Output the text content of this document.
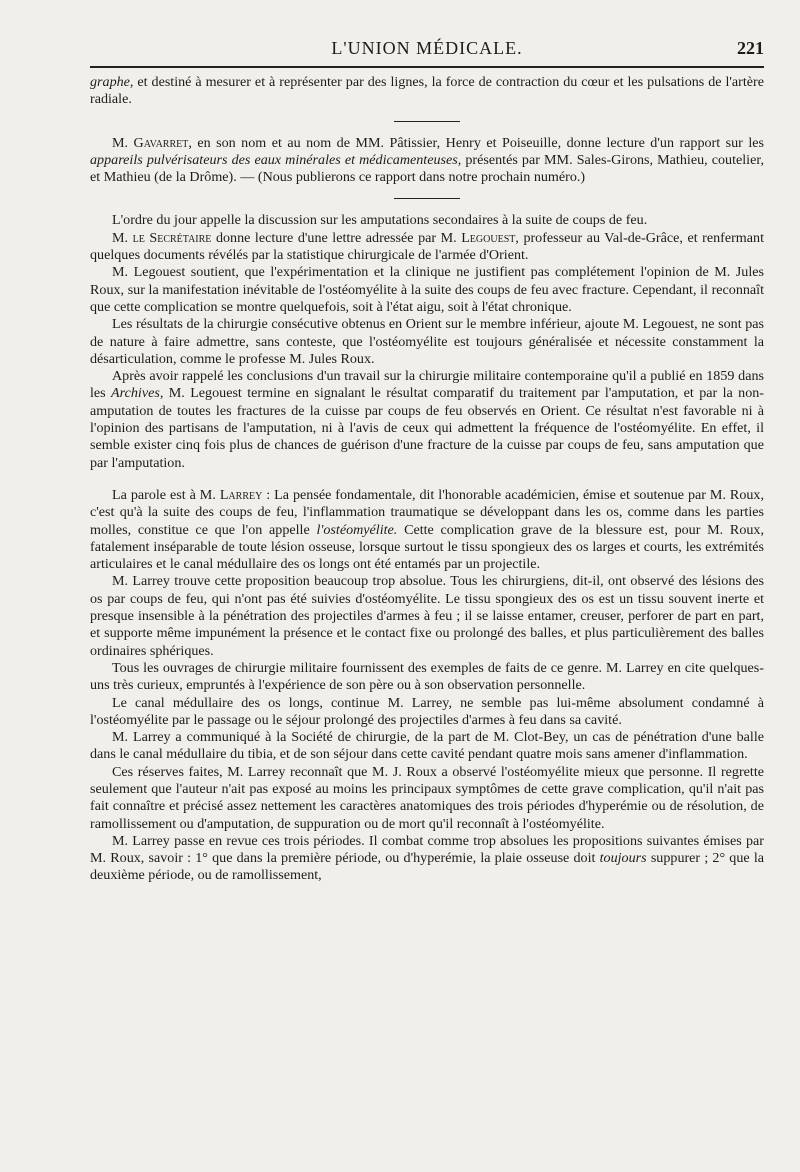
L'UNION MÉDICALE.	221

graphe, et destiné à mesurer et à représenter par des lignes, la force de contraction du cœur et les pulsations de l'artère radiale.

M. Gavarret, en son nom et au nom de MM. Pâtissier, Henry et Poiseuille, donne lecture d'un rapport sur les appareils pulvérisateurs des eaux minérales et médicamenteuses, présentés par MM. Sales-Girons, Mathieu, coutelier, et Mathieu (de la Drôme). — (Nous publierons ce rapport dans notre prochain numéro.)

L'ordre du jour appelle la discussion sur les amputations secondaires à la suite de coups de feu.

M. le Secrétaire donne lecture d'une lettre adressée par M. Legouest, professeur au Val-de-Grâce, et renfermant quelques documents révélés par la statistique chirurgicale de l'armée d'Orient.

M. Legouest soutient, que l'expérimentation et la clinique ne justifient pas complétement l'opinion de M. Jules Roux, sur la manifestation inévitable de l'ostéomyélite à la suite des coups de feu avec fracture. Cependant, il reconnaît que cette complication se montre quelquefois, soit à l'état aigu, soit à l'état chronique.

Les résultats de la chirurgie consécutive obtenus en Orient sur le membre inférieur, ajoute M. Legouest, ne sont pas de nature à faire admettre, sans conteste, que l'ostéomyélite est toujours généralisée et nécessite constamment la désarticulation, comme le professe M. Jules Roux.

Après avoir rappelé les conclusions d'un travail sur la chirurgie militaire contemporaine qu'il a publié en 1859 dans les Archives, M. Legouest termine en signalant le résultat comparatif du traitement par l'amputation, et par la non-amputation de toutes les fractures de la cuisse par coups de feu observés en Orient. Ce résultat n'est favorable ni à l'opinion des partisans de l'amputation, ni à l'avis de ceux qui admettent la fréquence de l'ostéomyélite. En effet, il semble exister cinq fois plus de chances de guérison d'une fracture de la cuisse par coups de feu, sans amputation que par l'amputation.

La parole est à M. Larrey : La pensée fondamentale, dit l'honorable académicien, émise et soutenue par M. Roux, c'est qu'à la suite des coups de feu, l'inflammation traumatique se développant dans les os, comme dans les parties molles, constitue ce que l'on appelle l'ostéomyélite. Cette complication grave de la blessure est, pour M. Roux, fatalement inséparable de toute lésion osseuse, lorsque surtout le tissu spongieux des os larges et courts, les extrémités articulaires et le canal médullaire des os longs ont été entamés par un projectile.

M. Larrey trouve cette proposition beaucoup trop absolue. Tous les chirurgiens, dit-il, ont observé des lésions des os par coups de feu, qui n'ont pas été suivies d'ostéomyélite. Le tissu spongieux des os est un tissu souvent inerte et presque insensible à la pénétration des projectiles d'armes à feu ; il se laisse entamer, creuser, perforer de part en part, et supporte même impunément la présence et le contact fixe ou prolongé des balles, et plus particulièrement des balles ordinaires sphériques.

Tous les ouvrages de chirurgie militaire fournissent des exemples de faits de ce genre. M. Larrey en cite quelques-uns très curieux, empruntés à l'expérience de son père ou à son observation personnelle.

Le canal médullaire des os longs, continue M. Larrey, ne semble pas lui-même absolument condamné à l'ostéomyélite par le passage ou le séjour prolongé des projectiles d'armes à feu dans sa cavité.

M. Larrey a communiqué à la Société de chirurgie, de la part de M. Clot-Bey, un cas de pénétration d'une balle dans le canal médullaire du tibia, et de son séjour dans cette cavité pendant quatre mois sans amener d'inflammation.

Ces réserves faites, M. Larrey reconnaît que M. J. Roux a observé l'ostéomyélite mieux que personne. Il regrette seulement que l'auteur n'ait pas exposé au moins les principaux symptômes de cette grave complication, qu'il n'ait pas fait connaître et précisé assez nettement les caractères anatomiques des trois périodes d'hyperémie ou de résolution, de ramollissement ou d'amputation, de suppuration ou de mort qu'il reconnaît à l'ostéomyélite.

M. Larrey passe en revue ces trois périodes. Il combat comme trop absolues les propositions suivantes émises par M. Roux, savoir : 1° que dans la première période, ou d'hyperémie, la plaie osseuse doit toujours suppurer ; 2° que la deuxième période, ou de ramollissement,
